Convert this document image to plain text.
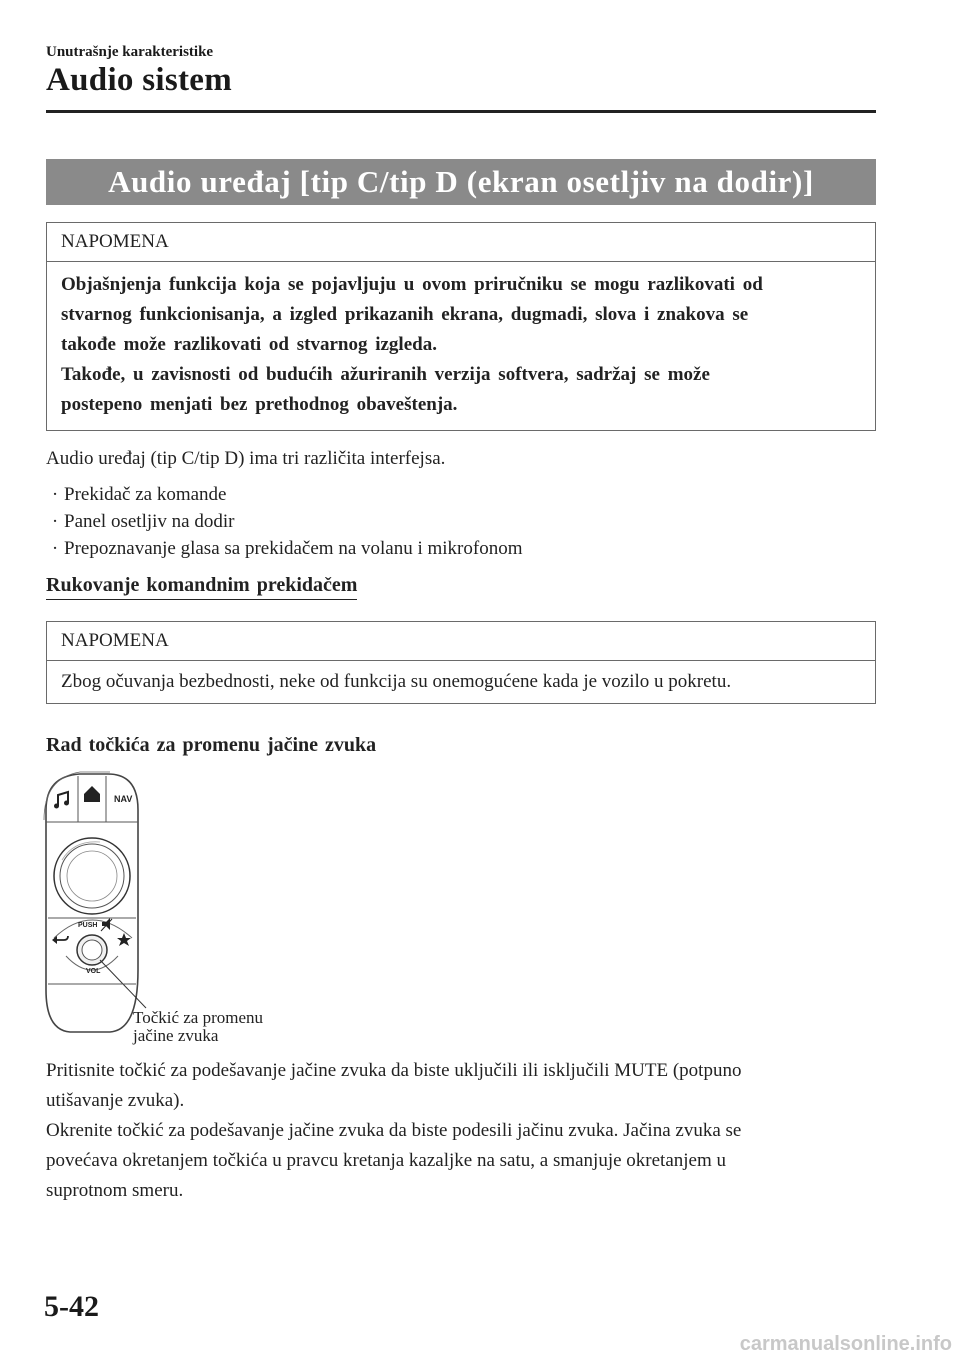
Unutrašnje karakteristike
Audio sistem
Audio uređaj [tip C/tip D (ekran osetljiv na dodir)]
NAPOMENA

Objašnjenja funkcija koja se pojavljuju u ovom priručniku se mogu razlikovati od

stvarnog funkcionisanja, a izgled prikazanih ekrana, dugmadi, slova i znakova se

takođe može razlikovati od stvarnog izgleda.

Takođe, u zavisnosti od budućih ažuriranih verzija softvera, sadržaj se može

postepeno menjati bez prethodnog obaveštenja.

Audio uređaj (tip C/tip D) ima tri različita interfejsa.
· Prekidač za komande
· Panel osetljiv na dodir
· Prepoznavanje glasa sa prekidačem na volanu i mikrofonom
Rukovanje komandnim prekidačem
NAPOMENA
Zbog očuvanja bezbednosti, neke od funkcija su onemogućene kada je vozilo u pokretu.
Rad točkića za promenu jačine zvuka
NAV
PUSH
VOL
Točkić za promenu
jačine zvuka

Pritisnite točkić za podešavanje jačine zvuka da biste uključili ili isključili MUTE (potpuno

utišavanje zvuka).

Okrenite točkić za podešavanje jačine zvuka da biste podesili jačinu zvuka. Jačina zvuka se

povećava okretanjem točkića u pravcu kretanja kazaljke na satu, a smanjuje okretanjem u

suprotnom smeru.

5-42
carmanualsonline.info
